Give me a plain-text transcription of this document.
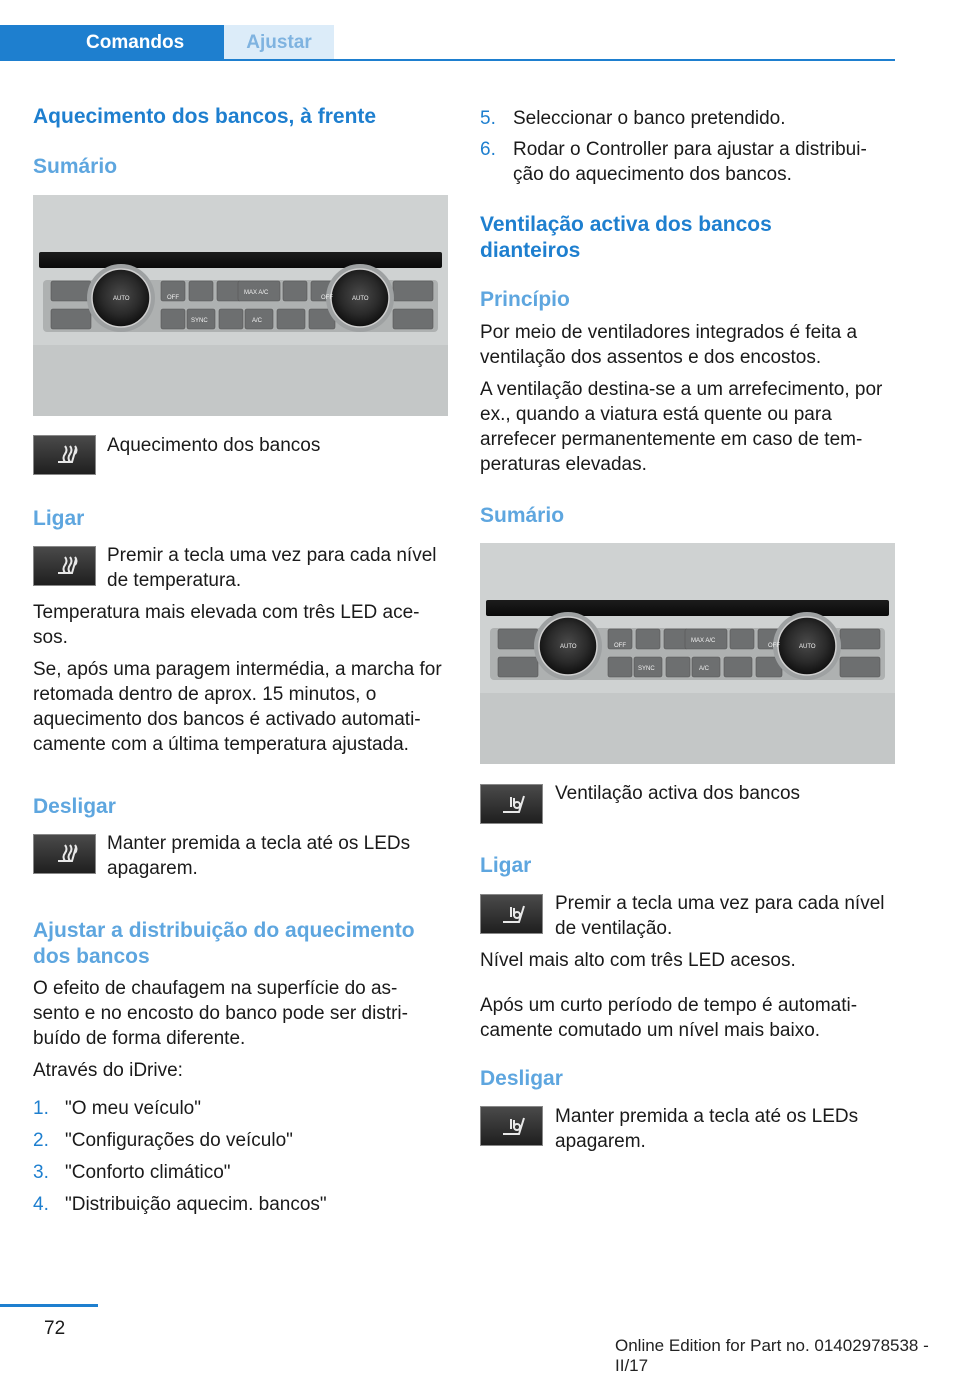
Comandos	Ajustar
Aquecimento dos bancos, à frente
Sumário
Aquecimento dos bancos
Ligar
Premir a tecla uma vez para cada nível de temperatura.
Temperatura mais elevada com três LED ace-sos.
Se, após uma paragem intermédia, a marcha for retomada dentro de aprox. 15 minutos, o aquecimento dos bancos é activado automati-camente com a última temperatura ajustada.
Desligar
Manter premida a tecla até os LEDs apagarem.
Ajustar a distribuição do aquecimento dos bancos
O efeito de chaufagem na superfície do as-sento e no encosto do banco pode ser distri-buído de forma diferente.
Através do iDrive:
1. "O meu veículo"
2. "Configurações do veículo"
3. "Conforto climático"
4. "Distribuição aquecim. bancos"
5. Seleccionar o banco pretendido.
6. Rodar o Controller para ajustar a distribui-ção do aquecimento dos bancos.
Ventilação activa dos bancos dianteiros
Princípio
Por meio de ventiladores integrados é feita a ventilação dos assentos e dos encostos.
A ventilação destina-se a um arrefecimento, por ex., quando a viatura está quente ou para arrefecer permanentemente em caso de tem-peraturas elevadas.
Sumário
Ventilação activa dos bancos
Ligar
Premir a tecla uma vez para cada nível de ventilação.
Nível mais alto com três LED acesos.
Após um curto período de tempo é automati-camente comutado um nível mais baixo.
Desligar
Manter premida a tecla até os LEDs apagarem.
72
Online Edition for Part no. 01402978538 - II/17
